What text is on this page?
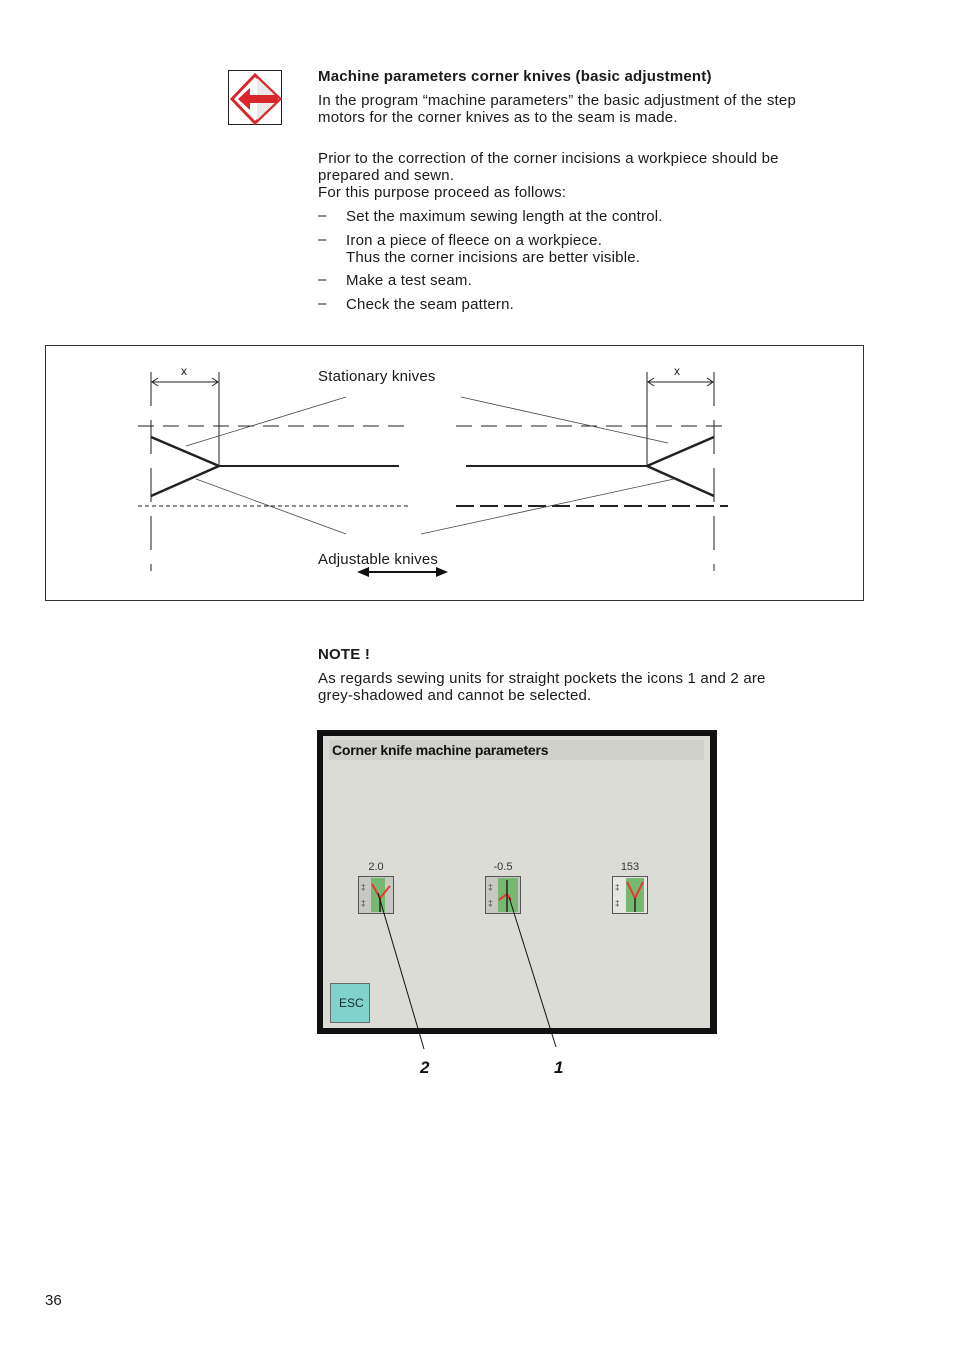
Machine parameters corner knives (basic adjustment)
In the program “machine parameters” the basic adjustment of the step
motors for the corner knives as to the seam is made.
Prior to the correction of the corner incisions a workpiece should be
prepared and sewn.
For this purpose proceed as follows:
– Set the maximum sewing length at the control.
– Iron a piece of fleece on a workpiece.
Thus the corner incisions are better visible.
– Make a test seam.
– Check the seam pattern.
x	x
Stationary knives
Adjustable knives
NOTE !
As regards sewing units for straight pockets the icons 1 and 2 are
grey-shadowed and cannot be selected.
Corner knife machine parameters
2.0
‡
‡
-0.5
‡
‡
153
‡
‡
ESC
2	1
36
